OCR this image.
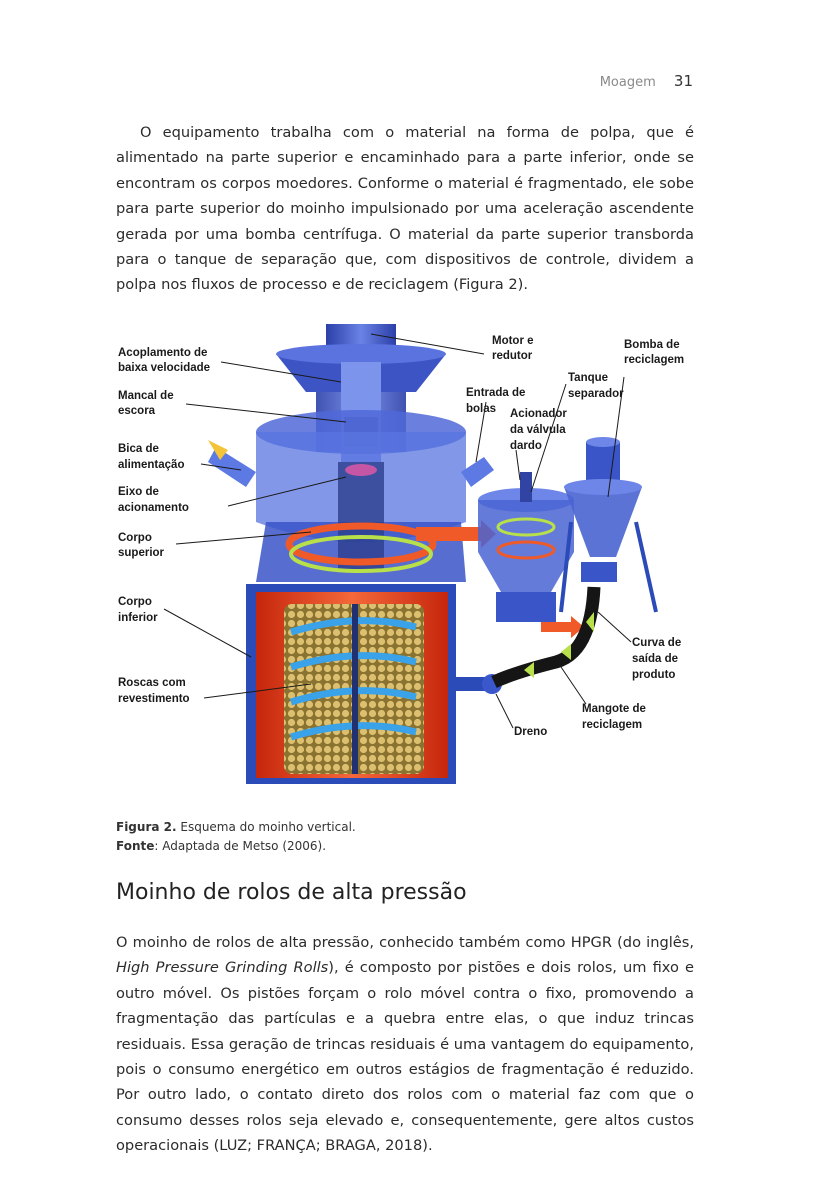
Moagem 31

O equipamento trabalha com o material na forma de polpa, que é alimentado na parte superior e encaminhado para a parte inferior, onde se encontram os corpos moedores. Conforme o material é fragmentado, ele sobe para parte superior do moinho impulsionado por uma aceleração ascendente gerada por uma bomba centrífuga. O material da parte superior transborda para o tanque de separação que, com dispositivos de controle, dividem a polpa nos fluxos de processo e de reciclagem (Figura 2).

Acoplamento de
baixa velocidade
Mancal de
escora
Bica de
alimentação
Eixo de
acionamento
Corpo
superior
Corpo
inferior
Roscas com
revestimento
Motor e
redutor
Bomba de
reciclagem
Tanque
separador
Entrada de
bolas Acionador
da válvula
dardo
Curva de
saída de
produto
Mangote de
reciclagem
Dreno
Figura 2. Esquema do moinho vertical.
Fonte: Adaptada de Metso (2006).
Moinho de rolos de alta pressão

O moinho de rolos de alta pressão, conhecido também como HPGR (do inglês, High Pressure Grinding Rolls), é composto por pistões e dois rolos, um fixo e outro móvel. Os pistões forçam o rolo móvel contra o fixo, promovendo a fragmentação das partículas e a quebra entre elas, o que induz trincas residuais. Essa geração de trincas residuais é uma vantagem do equipamento, pois o consumo energético em outros estágios de fragmentação é reduzido. Por outro lado, o contato direto dos rolos com o material faz com que o consumo desses rolos seja elevado e, consequentemente, gere altos custos operacionais (LUZ; FRANÇA; BRAGA, 2018).
